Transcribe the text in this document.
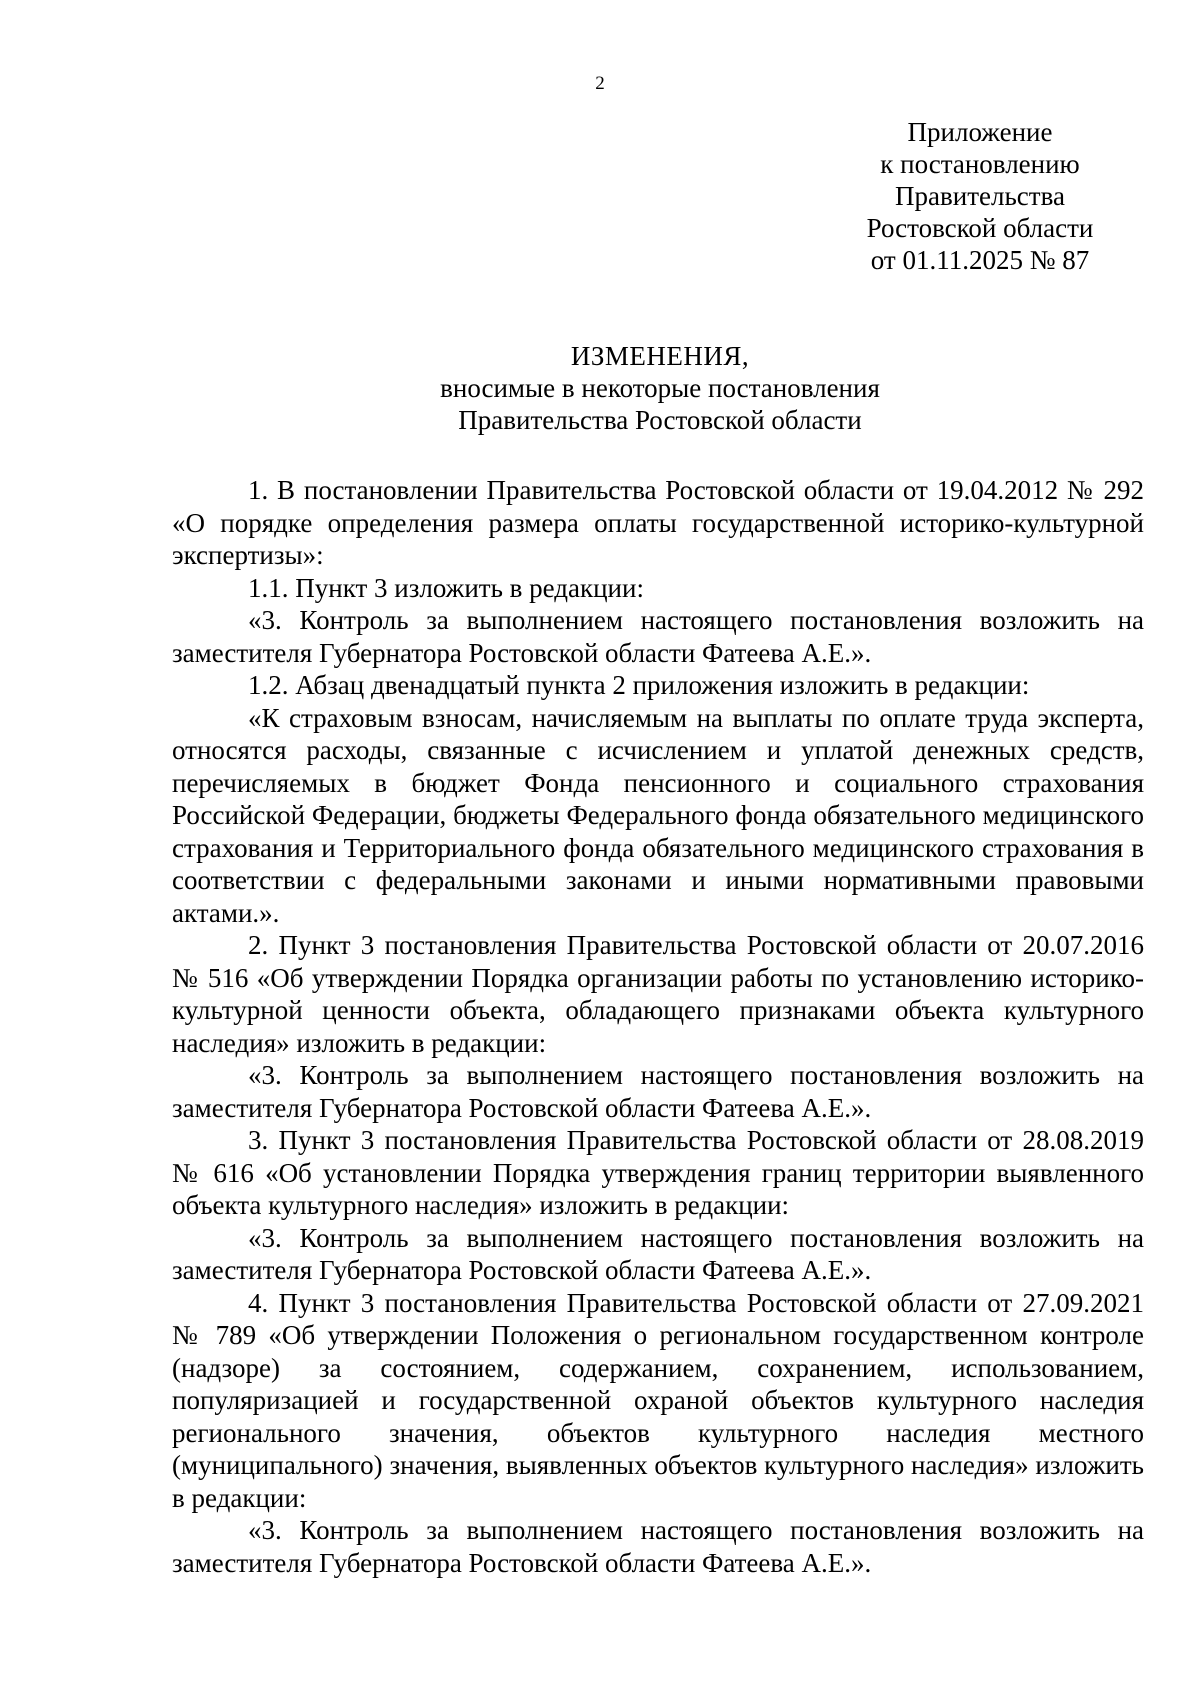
2
Приложение
к постановлению
Правительства
Ростовской области
от 01.11.2025 № 87
ИЗМЕНЕНИЯ,
вносимые в некоторые постановления
Правительства Ростовской области

1. В постановлении Правительства Ростовской области от 19.04.2012 № 292 «О порядке определения размера оплаты государственной историко-культурной экспертизы»:

1.1. Пункт 3 изложить в редакции:

«3. Контроль за выполнением настоящего постановления возложить на заместителя Губернатора Ростовской области Фатеева А.Е.».

1.2. Абзац двенадцатый пункта 2 приложения изложить в редакции:

«К страховым взносам, начисляемым на выплаты по оплате труда эксперта, относятся расходы, связанные с исчислением и уплатой денежных средств, перечисляемых в бюджет Фонда пенсионного и социального страхования Российской Федерации, бюджеты Федерального фонда обязательного медицинского страхования и Территориального фонда обязательного медицинского страхования в соответствии с федеральными законами и иными нормативными правовыми актами.».

2. Пункт 3 постановления Правительства Ростовской области от 20.07.2016 № 516 «Об утверждении Порядка организации работы по установлению историко-культурной ценности объекта, обладающего признаками объекта культурного наследия» изложить в редакции:

«3. Контроль за выполнением настоящего постановления возложить на заместителя Губернатора Ростовской области Фатеева А.Е.».

3. Пункт 3 постановления Правительства Ростовской области от 28.08.2019 № 616 «Об установлении Порядка утверждения границ территории выявленного объекта культурного наследия» изложить в редакции:

«3. Контроль за выполнением настоящего постановления возложить на заместителя Губернатора Ростовской области Фатеева А.Е.».

4. Пункт 3 постановления Правительства Ростовской области от 27.09.2021 № 789 «Об утверждении Положения о региональном государственном контроле (надзоре) за состоянием, содержанием, сохранением, использованием, популяризацией и государственной охраной объектов культурного наследия регионального значения, объектов культурного наследия местного (муниципального) значения, выявленных объектов культурного наследия» изложить в редакции:

«3. Контроль за выполнением настоящего постановления возложить на заместителя Губернатора Ростовской области Фатеева А.Е.».
